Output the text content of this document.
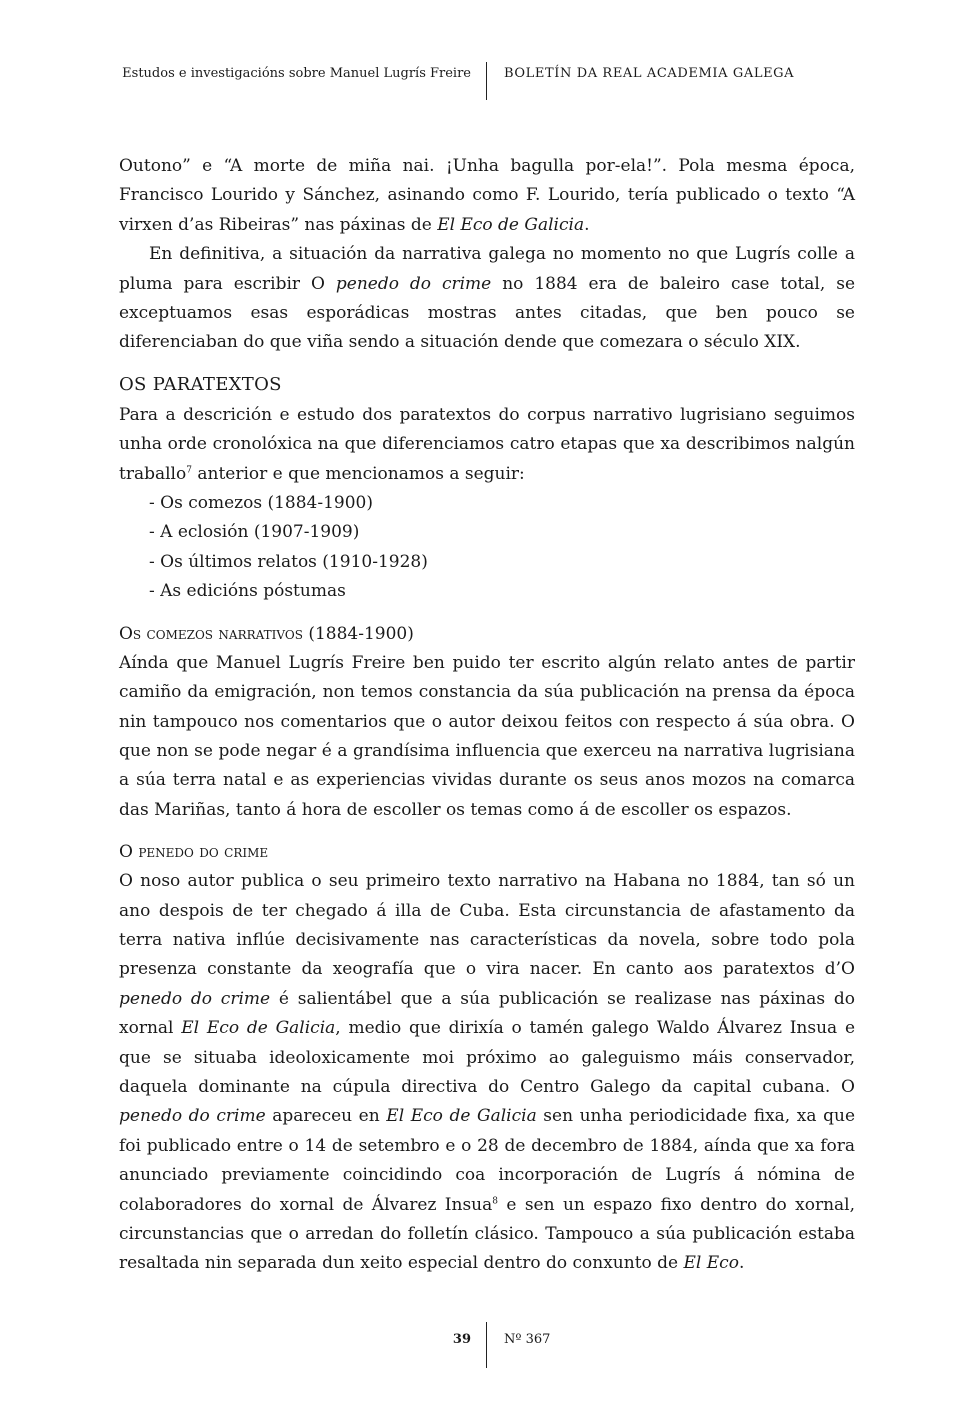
Estudos e investigacións sobre Manuel Lugrís Freire	BOLETÍN DA REAL ACADEMIA GALEGA

Outono” e “A morte de miña nai. ¡Unha bagulla por-ela!”. Pola mesma época, Francisco Lourido y Sánchez, asinando como F. Lourido, tería publicado o texto “A virxen d’as Ribeiras” nas páxinas de El Eco de Galicia.

En definitiva, a situación da narrativa galega no momento no que Lugrís colle a pluma para escribir O penedo do crime no 1884 era de baleiro case total, se exceptuamos esas esporádicas mostras antes citadas, que ben pouco se diferenciaban do que viña sendo a situación dende que comezara o século XIX.

OS PARATEXTOS

Para a descrición e estudo dos paratextos do corpus narrativo lugrisiano seguimos unha orde cronolóxica na que diferenciamos catro etapas que xa describimos nalgún traballo$^7$ anterior e que mencionamos a seguir:

- Os comezos (1884-1900)
- A eclosión (1907-1909)
- Os últimos relatos (1910-1928)
- As edicións póstumas
Os comezos narrativos (1884-1900)

Aínda que Manuel Lugrís Freire ben puido ter escrito algún relato antes de partir camiño da emigración, non temos constancia da súa publicación na prensa da época nin tampouco nos comentarios que o autor deixou feitos con respecto á súa obra. O que non se pode negar é a grandísima influencia que exerceu na narrativa lugrisiana a súa terra natal e as experiencias vividas durante os seus anos mozos na comarca das Mariñas, tanto á hora de escoller os temas como á de escoller os espazos.

O penedo do crime

O noso autor publica o seu primeiro texto narrativo na Habana no 1884, tan só un ano despois de ter chegado á illa de Cuba. Esta circunstancia de afastamento da terra nativa inflúe decisivamente nas características da novela, sobre todo pola presenza constante da xeografía que o vira nacer. En canto aos paratextos d’O penedo do crime é salientábel que a súa publicación se realizase nas páxinas do xornal El Eco de Galicia, medio que dirixía o tamén galego Waldo Álvarez Insua e que se situaba ideoloxicamente moi próximo ao galeguismo máis conservador, daquela dominante na cúpula directiva do Centro Galego da capital cubana. O penedo do crime apareceu en El Eco de Galicia sen unha periodicidade fixa, xa que foi publicado entre o 14 de setembro e o 28 de decembro de 1884, aínda que xa fora anunciado previamente coincidindo coa incorporación de Lugrís á nómina de colaboradores do xornal de Álvarez Insua$^8$ e sen un espazo fixo dentro do xornal, circunstancias que o arredan do folletín clásico. Tampouco a súa publicación estaba resaltada nin separada dun xeito especial dentro do conxunto de El Eco.

39	Nº 367
